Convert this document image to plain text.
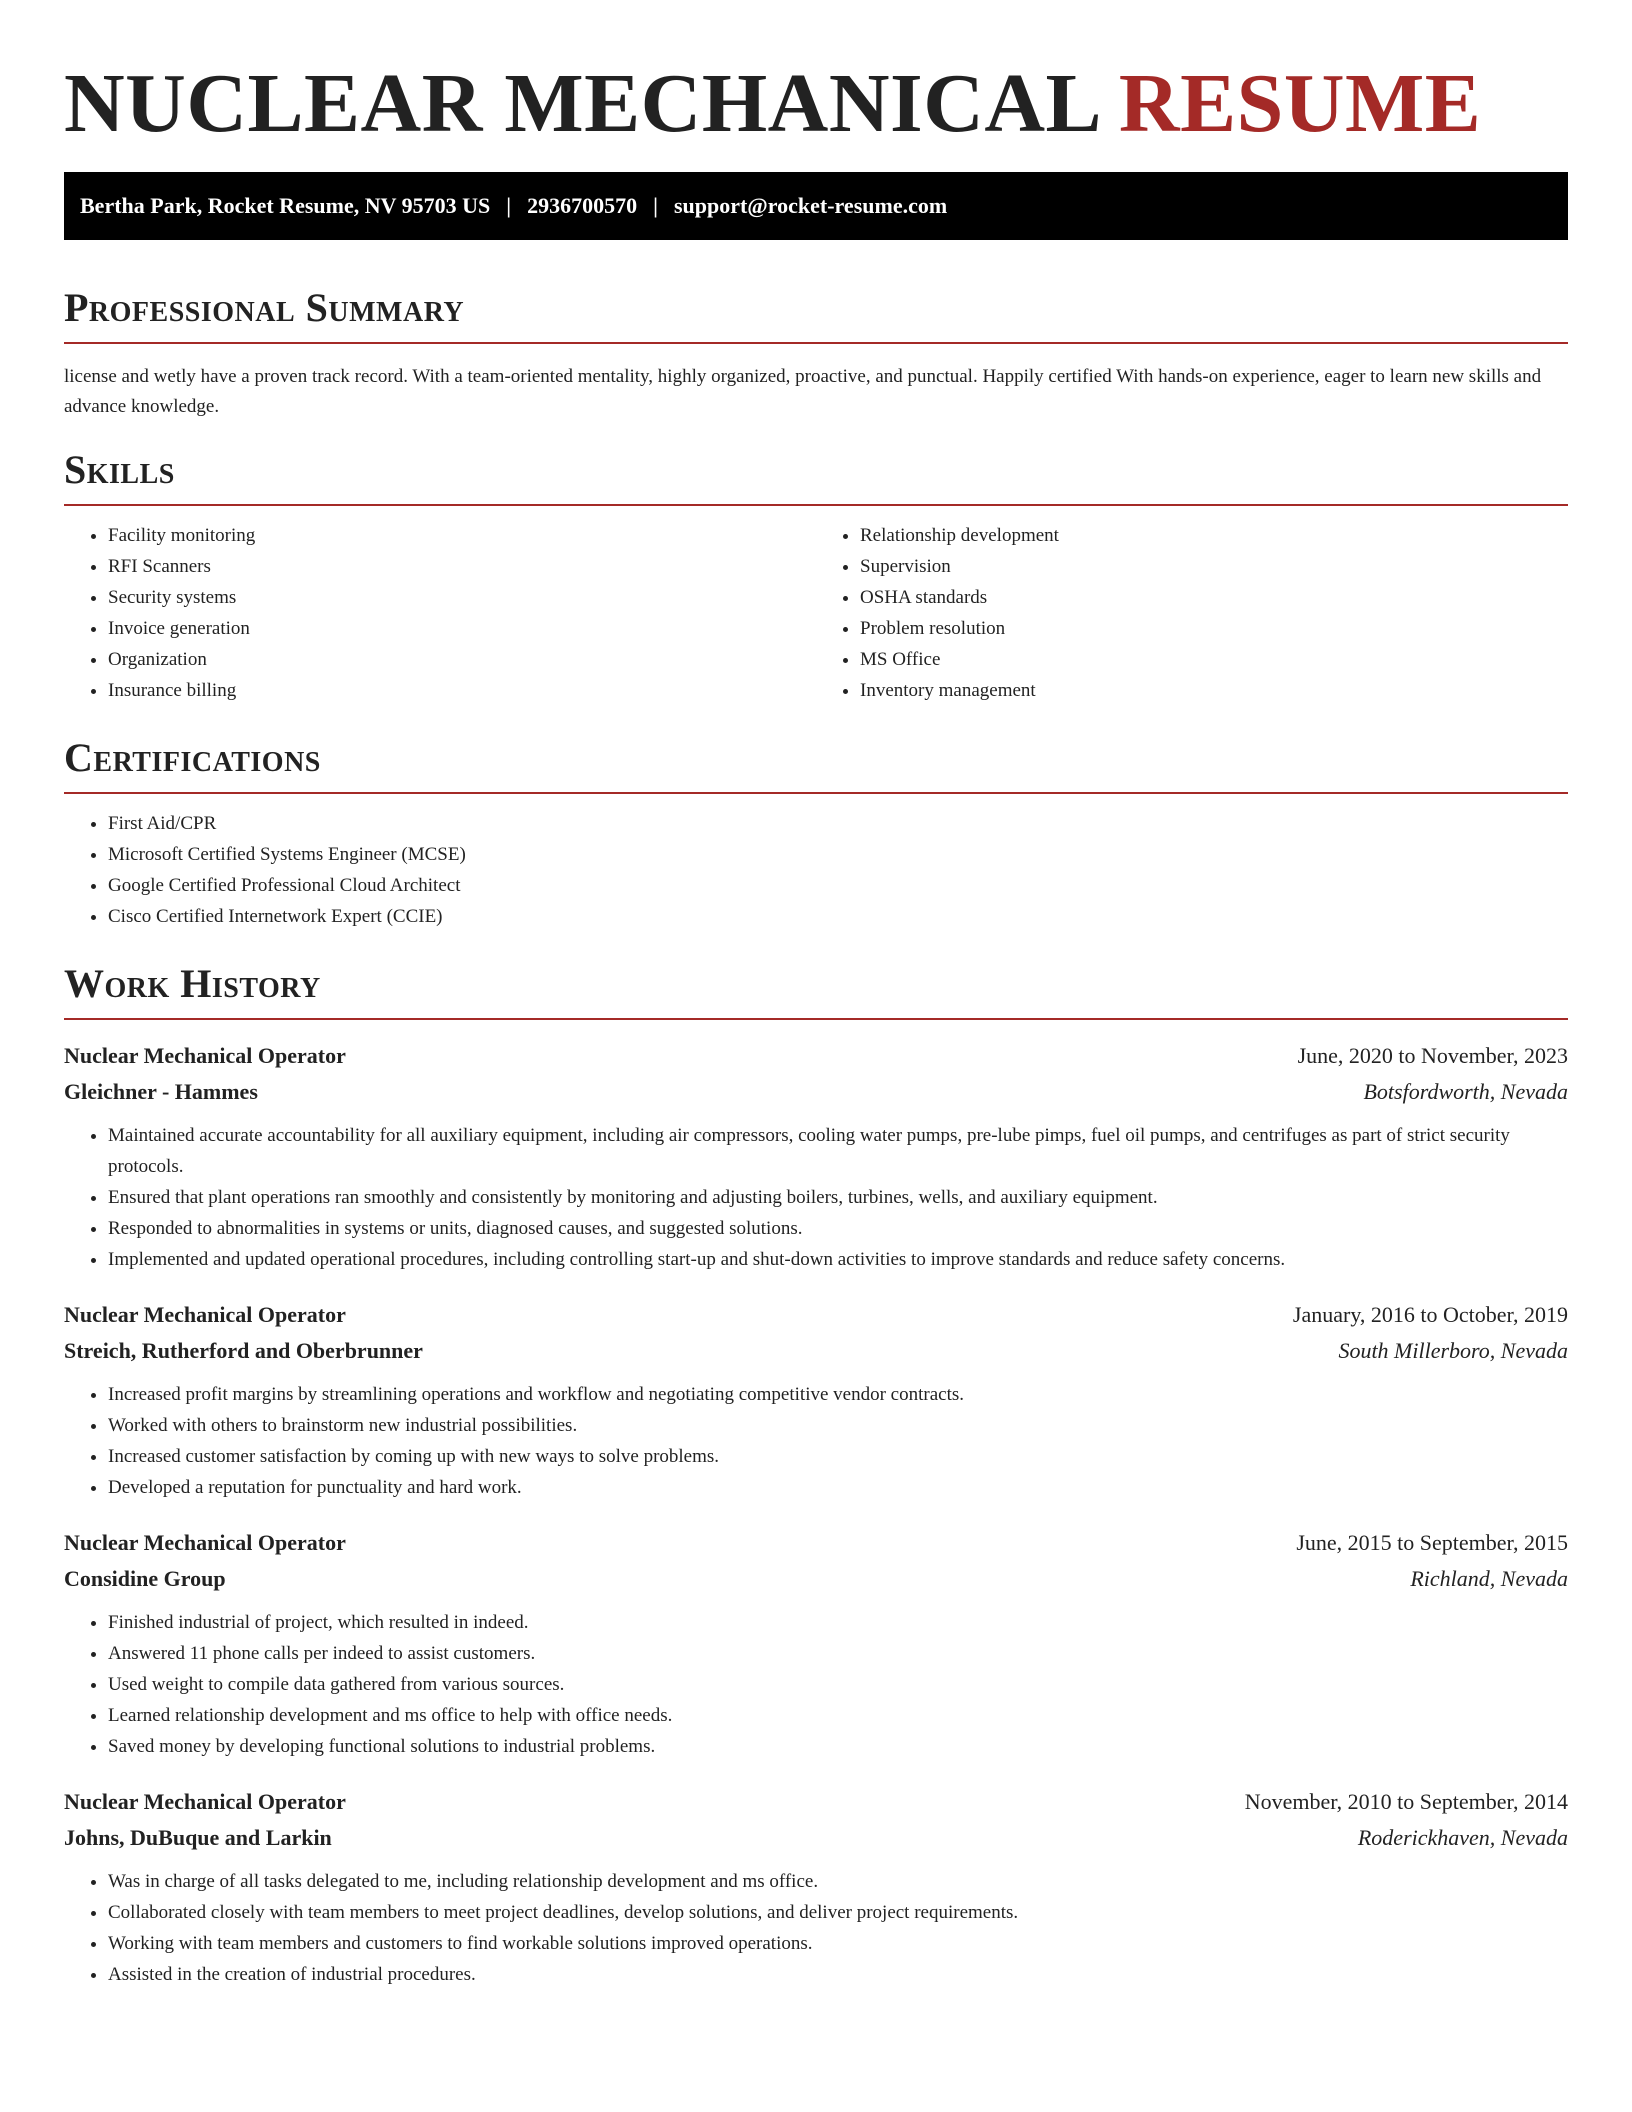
NUCLEAR MECHANICAL RESUME
Bertha Park, Rocket Resume, NV 95703 US | 2936700570 | support@rocket-resume.com
Professional Summary

license and wetly have a proven track record. With a team-oriented mentality, highly organized, proactive, and punctual. Happily certified With hands-on experience, eager to learn new skills and advance knowledge.

Skills
• Facility monitoring
• RFI Scanners
• Security systems
• Invoice generation
• Organization
• Insurance billing
• Relationship development
• Supervision
• OSHA standards
• Problem resolution
• MS Office
• Inventory management
Certifications
• First Aid/CPR
• Microsoft Certified Systems Engineer (MCSE)
• Google Certified Professional Cloud Architect
• Cisco Certified Internetwork Expert (CCIE)
Work History
Nuclear Mechanical Operator	June, 2020 to November, 2023
Gleichner - Hammes	Botsfordworth, Nevada
• Maintained accurate accountability for all auxiliary equipment, including air compressors, cooling water pumps, pre-lube pimps, fuel oil pumps, and centrifuges as part of strict security protocols.
• Ensured that plant operations ran smoothly and consistently by monitoring and adjusting boilers, turbines, wells, and auxiliary equipment.
• Responded to abnormalities in systems or units, diagnosed causes, and suggested solutions.
• Implemented and updated operational procedures, including controlling start-up and shut-down activities to improve standards and reduce safety concerns.
Nuclear Mechanical Operator	January, 2016 to October, 2019
Streich, Rutherford and Oberbrunner	South Millerboro, Nevada
• Increased profit margins by streamlining operations and workflow and negotiating competitive vendor contracts.
• Worked with others to brainstorm new industrial possibilities.
• Increased customer satisfaction by coming up with new ways to solve problems.
• Developed a reputation for punctuality and hard work.
Nuclear Mechanical Operator	June, 2015 to September, 2015
Considine Group	Richland, Nevada
• Finished industrial of project, which resulted in indeed.
• Answered 11 phone calls per indeed to assist customers.
• Used weight to compile data gathered from various sources.
• Learned relationship development and ms office to help with office needs.
• Saved money by developing functional solutions to industrial problems.
Nuclear Mechanical Operator	November, 2010 to September, 2014
Johns, DuBuque and Larkin	Roderickhaven, Nevada
• Was in charge of all tasks delegated to me, including relationship development and ms office.
• Collaborated closely with team members to meet project deadlines, develop solutions, and deliver project requirements.
• Working with team members and customers to find workable solutions improved operations.
• Assisted in the creation of industrial procedures.
